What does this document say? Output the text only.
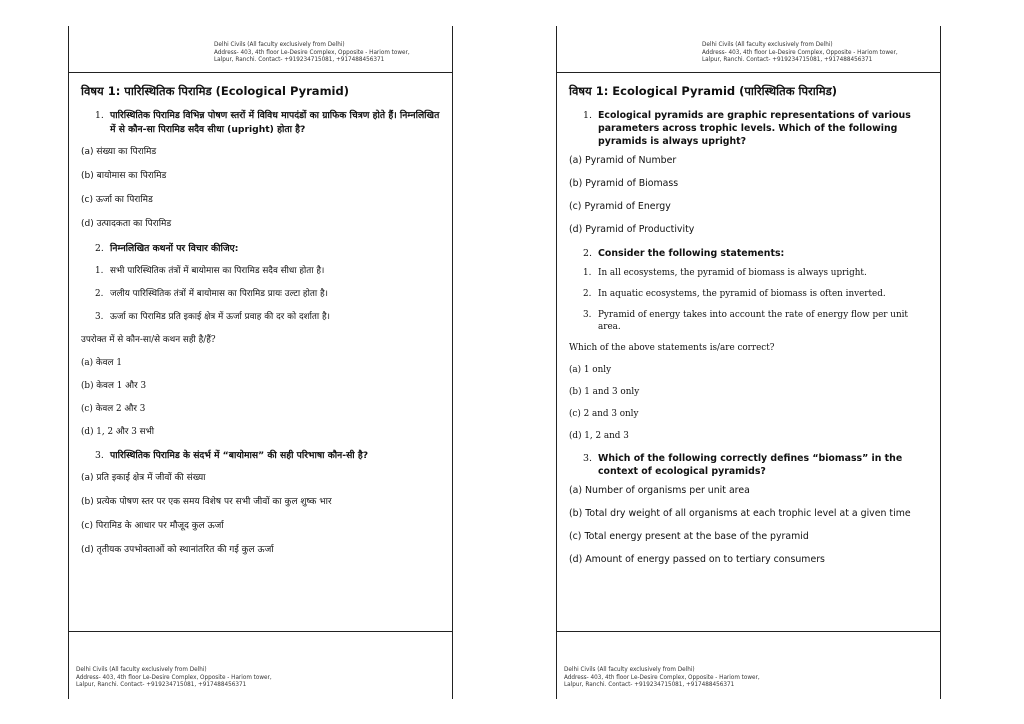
Delhi Civils (All faculty exclusively from Delhi)
Address- 403, 4th floor Le-Desire Complex, Opposite - Hariom tower,
Lalpur, Ranchi. Contact- +919234715081, +917488456371
विषय 1: पारिस्थितिक पिरामिड (Ecological Pyramid)
1. पारिस्थितिक पिरामिड विभिन्न पोषण स्तरों में विविध मापदंडों का ग्राफिक चित्रण होते हैं। निम्नलिखित में से कौन-सा पिरामिड सदैव सीधा (upright) होता है?
(a) संख्या का पिरामिड
(b) बायोमास का पिरामिड
(c) ऊर्जा का पिरामिड
(d) उत्पादकता का पिरामिड
2. निम्नलिखित कथनों पर विचार कीजिए:
1. सभी पारिस्थितिक तंत्रों में बायोमास का पिरामिड सदैव सीधा होता है।
2. जलीय पारिस्थितिक तंत्रों में बायोमास का पिरामिड प्रायः उल्टा होता है।
3. ऊर्जा का पिरामिड प्रति इकाई क्षेत्र में ऊर्जा प्रवाह की दर को दर्शाता है।
उपरोक्त में से कौन-सा/से कथन सही है/हैं?
(a) केवल 1
(b) केवल 1 और 3
(c) केवल 2 और 3
(d) 1, 2 और 3 सभी
3. पारिस्थितिक पिरामिड के संदर्भ में “बायोमास” की सही परिभाषा कौन-सी है?
(a) प्रति इकाई क्षेत्र में जीवों की संख्या
(b) प्रत्येक पोषण स्तर पर एक समय विशेष पर सभी जीवों का कुल शुष्क भार
(c) पिरामिड के आधार पर मौजूद कुल ऊर्जा
(d) तृतीयक उपभोक्ताओं को स्थानांतरित की गई कुल ऊर्जा
Delhi Civils (All faculty exclusively from Delhi)
Address- 403, 4th floor Le-Desire Complex, Opposite - Hariom tower,
Lalpur, Ranchi. Contact- +919234715081, +917488456371
Delhi Civils (All faculty exclusively from Delhi)
Address- 403, 4th floor Le-Desire Complex, Opposite - Hariom tower,
Lalpur, Ranchi. Contact- +919234715081, +917488456371
विषय 1: Ecological Pyramid (पारिस्थितिक पिरामिड)
1. Ecological pyramids are graphic representations of various parameters across trophic levels. Which of the following pyramids is always upright?
(a) Pyramid of Number
(b) Pyramid of Biomass
(c) Pyramid of Energy
(d) Pyramid of Productivity
2. Consider the following statements:
1. In all ecosystems, the pyramid of biomass is always upright.
2. In aquatic ecosystems, the pyramid of biomass is often inverted.
3. Pyramid of energy takes into account the rate of energy flow per unit area.
Which of the above statements is/are correct?
(a) 1 only
(b) 1 and 3 only
(c) 2 and 3 only
(d) 1, 2 and 3
3. Which of the following correctly defines “biomass” in the context of ecological pyramids?
(a) Number of organisms per unit area
(b) Total dry weight of all organisms at each trophic level at a given time
(c) Total energy present at the base of the pyramid
(d) Amount of energy passed on to tertiary consumers
Delhi Civils (All faculty exclusively from Delhi)
Address- 403, 4th floor Le-Desire Complex, Opposite - Hariom tower,
Lalpur, Ranchi. Contact- +919234715081, +917488456371
